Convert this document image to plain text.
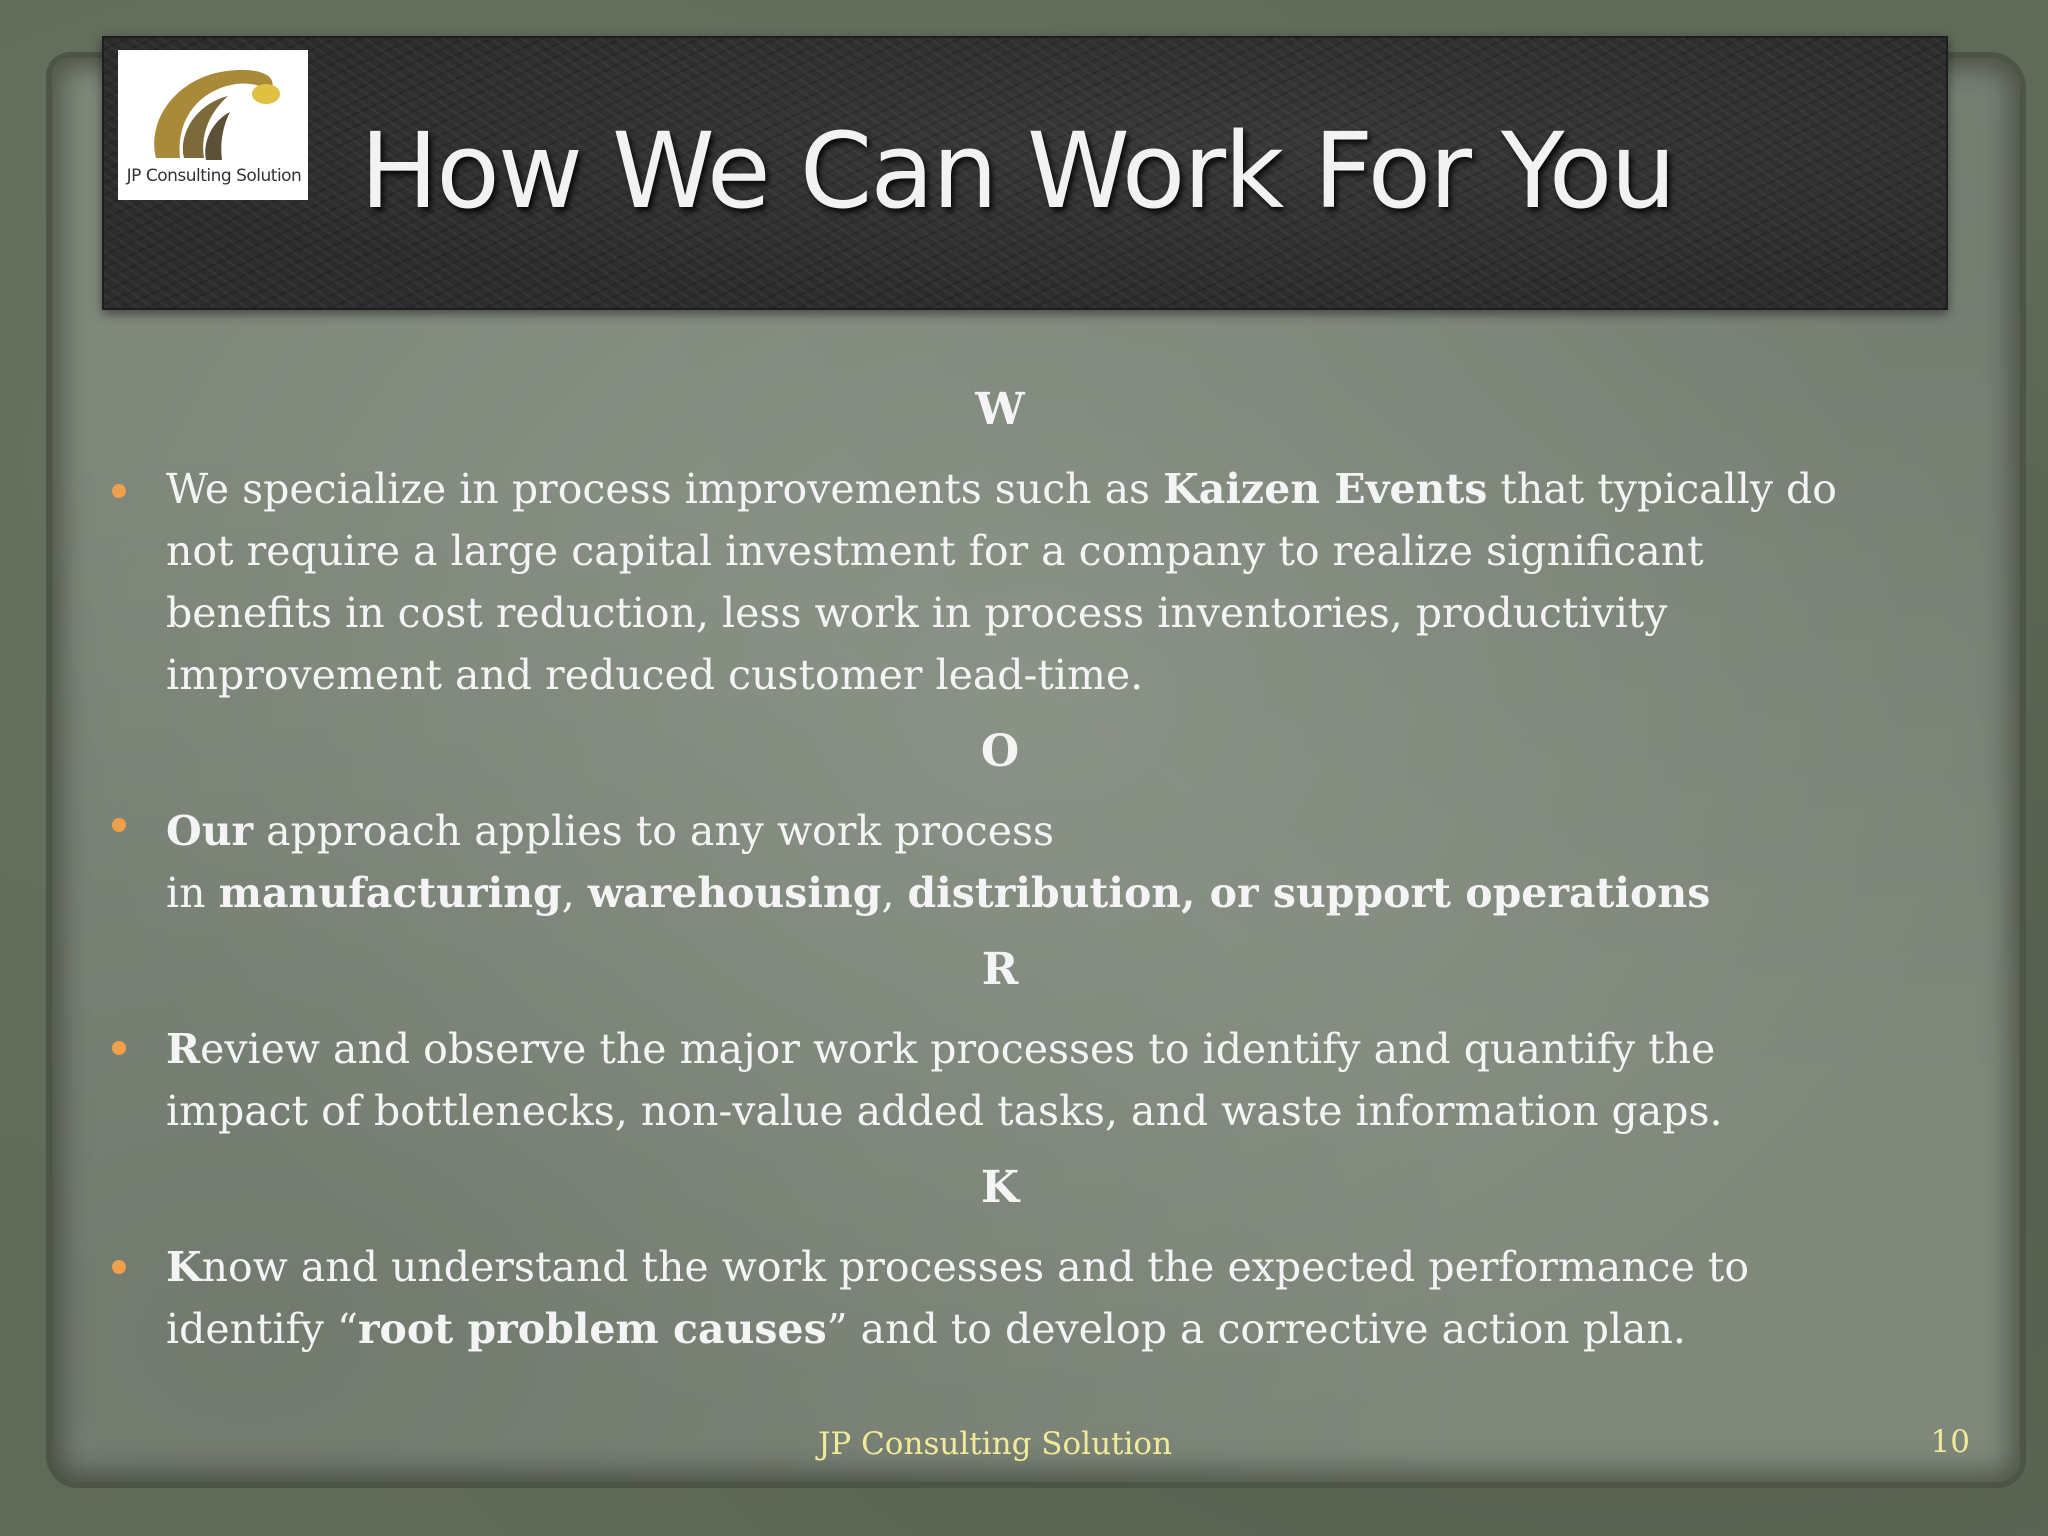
JP Consulting Solution How We Can Work For You
W
We specialize in process improvements such as Kaizen Events that typically do not require a large capital investment for a company to realize significant benefits in cost reduction, less work in process inventories, productivity improvement and reduced customer lead-time.
O
Our approach applies to any work process
in manufacturing, warehousing, distribution, or support operations
R
Review and observe the major work processes to identify and quantify the impact of bottlenecks, non-value added tasks, and waste information gaps.
K
Know and understand the work processes and the expected performance to identify “root problem causes” and to develop a corrective action plan.
JP Consulting Solution	10
